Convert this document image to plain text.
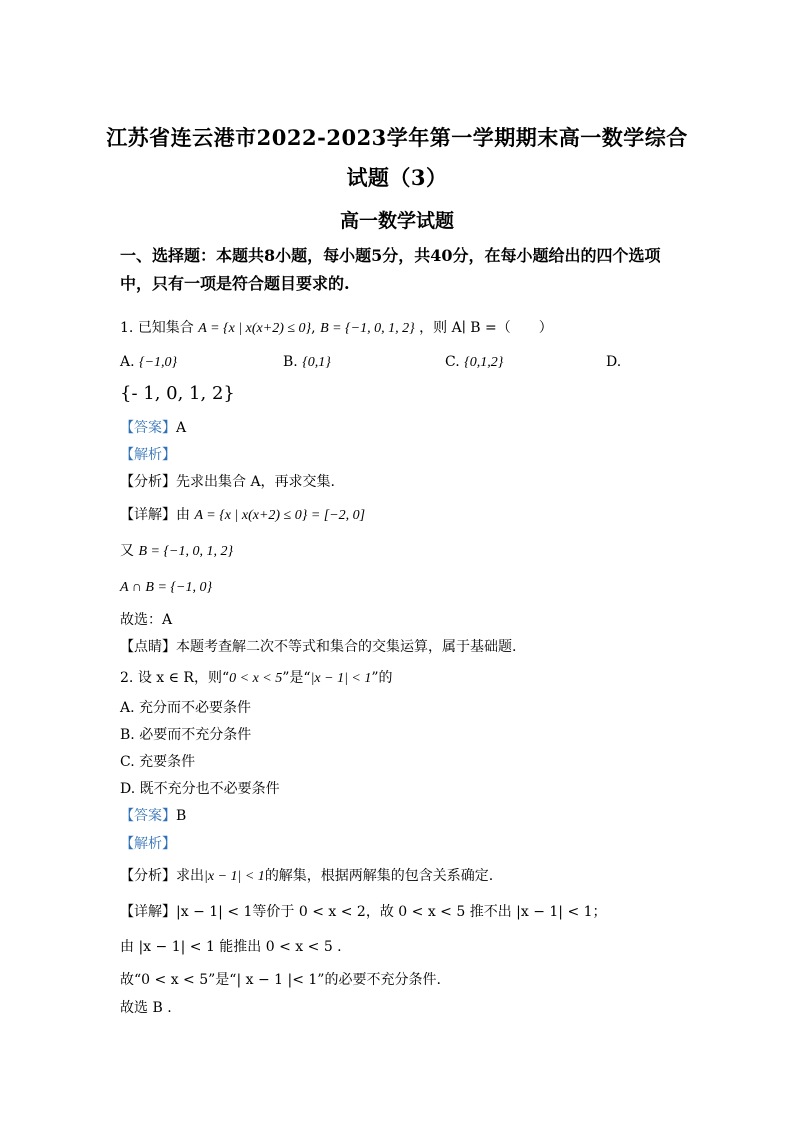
江苏省连云港市2022-2023学年第一学期期末高一数学综合
试题（3）
高一数学试题
一、选择题：本题共8小题，每小题5分，共40分，在每小题给出的四个选项
中，只有一项是符合题目要求的.
1. 已知集合 A = {x | x(x+2) ≤ 0}, B = {−1, 0, 1, 2} ，则 A∣ B =（　　）
A. {−1,0}	B. {0,1}	C. {0,1,2}	D.
{- 1, 0, 1, 2}
【答案】A
【解析】
【分析】先求出集合 A，再求交集.
【详解】由 A = {x | x(x+2) ≤ 0} = [−2, 0]
又 B = {−1, 0, 1, 2}
A ∩ B = {−1, 0}
故选：A
【点睛】本题考查解二次不等式和集合的交集运算，属于基础题.
2. 设 x ∈ R，则“0 < x < 5”是“|x − 1| < 1”的
A. 充分而不必要条件
B. 必要而不充分条件
C. 充要条件
D. 既不充分也不必要条件
【答案】B
【解析】
【分析】求出|x − 1| < 1的解集，根据两解集的包含关系确定.
【详解】|x − 1| < 1等价于 0 < x < 2，故 0 < x < 5 推不出 |x − 1| < 1；
由 |x − 1| < 1 能推出 0 < x < 5 .
故“0 < x < 5”是“| x − 1 |< 1”的必要不充分条件.
故选 B .
